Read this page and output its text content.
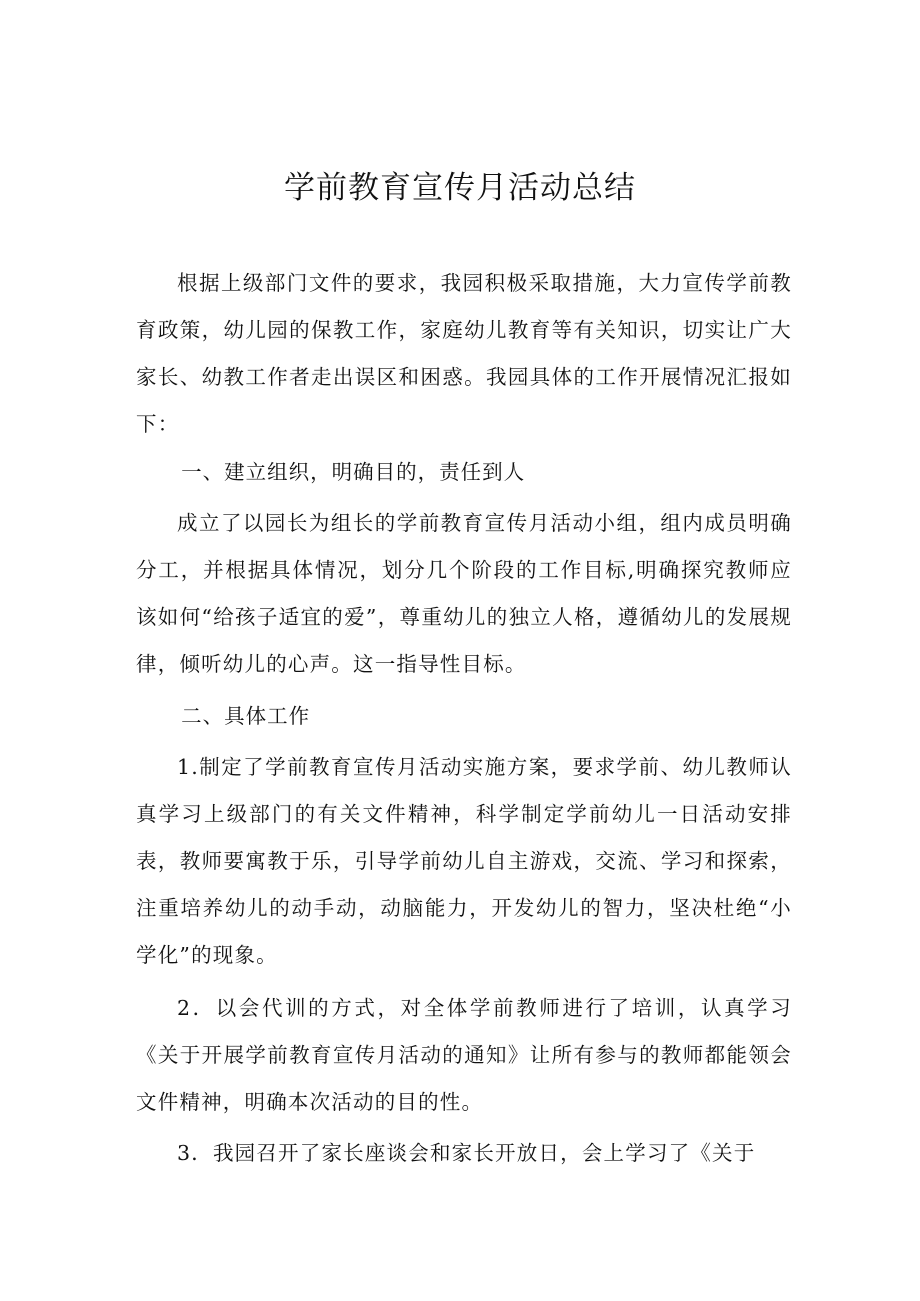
学前教育宣传月活动总结

根据上级部门文件的要求，我园积极采取措施，大力宣传学前教育政策，幼儿园的保教工作，家庭幼儿教育等有关知识，切实让广大家长、幼教工作者走出误区和困惑。我园具体的工作开展情况汇报如下：

一、建立组织，明确目的，责任到人

成立了以园长为组长的学前教育宣传月活动小组，组内成员明确分工，并根据具体情况，划分几个阶段的工作目标,明确探究教师应该如何“给孩子适宜的爱”，尊重幼儿的独立人格，遵循幼儿的发展规律，倾听幼儿的心声。这一指导性目标。

二、具体工作

1.制定了学前教育宣传月活动实施方案，要求学前、幼儿教师认真学习上级部门的有关文件精神，科学制定学前幼儿一日活动安排表，教师要寓教于乐，引导学前幼儿自主游戏，交流、学习和探索，注重培养幼儿的动手动，动脑能力，开发幼儿的智力，坚决杜绝“小学化”的现象。

2．以会代训的方式，对全体学前教师进行了培训，认真学习《关于开展学前教育宣传月活动的通知》让所有参与的教师都能领会文件精神，明确本次活动的目的性。

3．我园召开了家长座谈会和家长开放日，会上学习了《关于
